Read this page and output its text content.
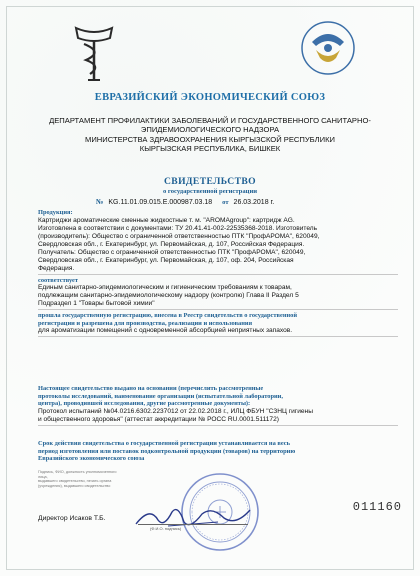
ЕВРАЗИЙСКИЙ ЭКОНОМИЧЕСКИЙ СОЮЗ
ДЕПАРТАМЕНТ ПРОФИЛАКТИКИ ЗАБОЛЕВАНИЙ И ГОСУДАРСТВЕННОГО САНИТАРНО-
ЭПИДЕМИОЛОГИЧЕСКОГО НАДЗОРА
МИНИСТЕРСТВА ЗДРАВООХРАНЕНИЯ КЫРГЫЗСКОЙ РЕСПУБЛИКИ
КЫРГЫЗСКАЯ РЕСПУБЛИКА, БИШКЕК
СВИДЕТЕЛЬСТВО
о государственной регистрации
№ KG.11.01.09.015.Е.000987.03.18 от 26.03.2018 г.
Продукция:
Картриджи ароматические сменные жидкостные т. м. "AROMAgroup": картридж AG.
Изготовлена в соответствии с документами: ТУ 20.41.41-002-22535368-2018. Изготовитель
(производитель): Общество с ограниченной ответственностью ПТК "ПрофАРОМА", 620049,
Свердловская обл., г. Екатеринбург, ул. Первомайская, д. 107, Российская Федерация.
Получатель: Общество с ограниченной ответственностью ПТК "ПрофАРОМА", 620049,
Свердловская обл., г. Екатеринбург, ул. Первомайская, д. 107, оф. 204, Российская
Федерация.
соответствует
Единым санитарно-эпидемиологическим и гигиеническим требованиям к товарам,
подлежащим санитарно-эпидемиологическому надзору (контролю) Глава II Раздел 5
Подраздел 1 "Товары бытовой химии"
прошла государственную регистрацию, внесена в Реестр свидетельств о государственной
регистрации и разрешена для производства, реализации и использования
для ароматизации помещений с одновременной абсорбцией неприятных запахов.
Настоящее свидетельство выдано на основании (перечислить рассмотренные
протоколы исследований, наименование организации (испытательной лаборатории,
центра), проводившей исследования, другие рассмотренные документы):
Протокол испытаний №04.0216.6302.2237012 от 22.02.2018 г., ИЛЦ ФБУН "СЗНЦ гигиены
и общественного здоровья" (аттестат аккредитации № РОСС RU.0001.511172)
Срок действия свидетельства о государственной регистрации устанавливается на весь
период изготовления или поставок подконтрольной продукции (товаров) на территорию
Евразийского экономического союза
Подпись, ФИО, должность уполномоченного лица,
выдавшего свидетельство, печать органа
(учреждения), выдавшего свидетельство
Директор Исаков Т.Б.
(Ф.И.О. подпись)
011160
